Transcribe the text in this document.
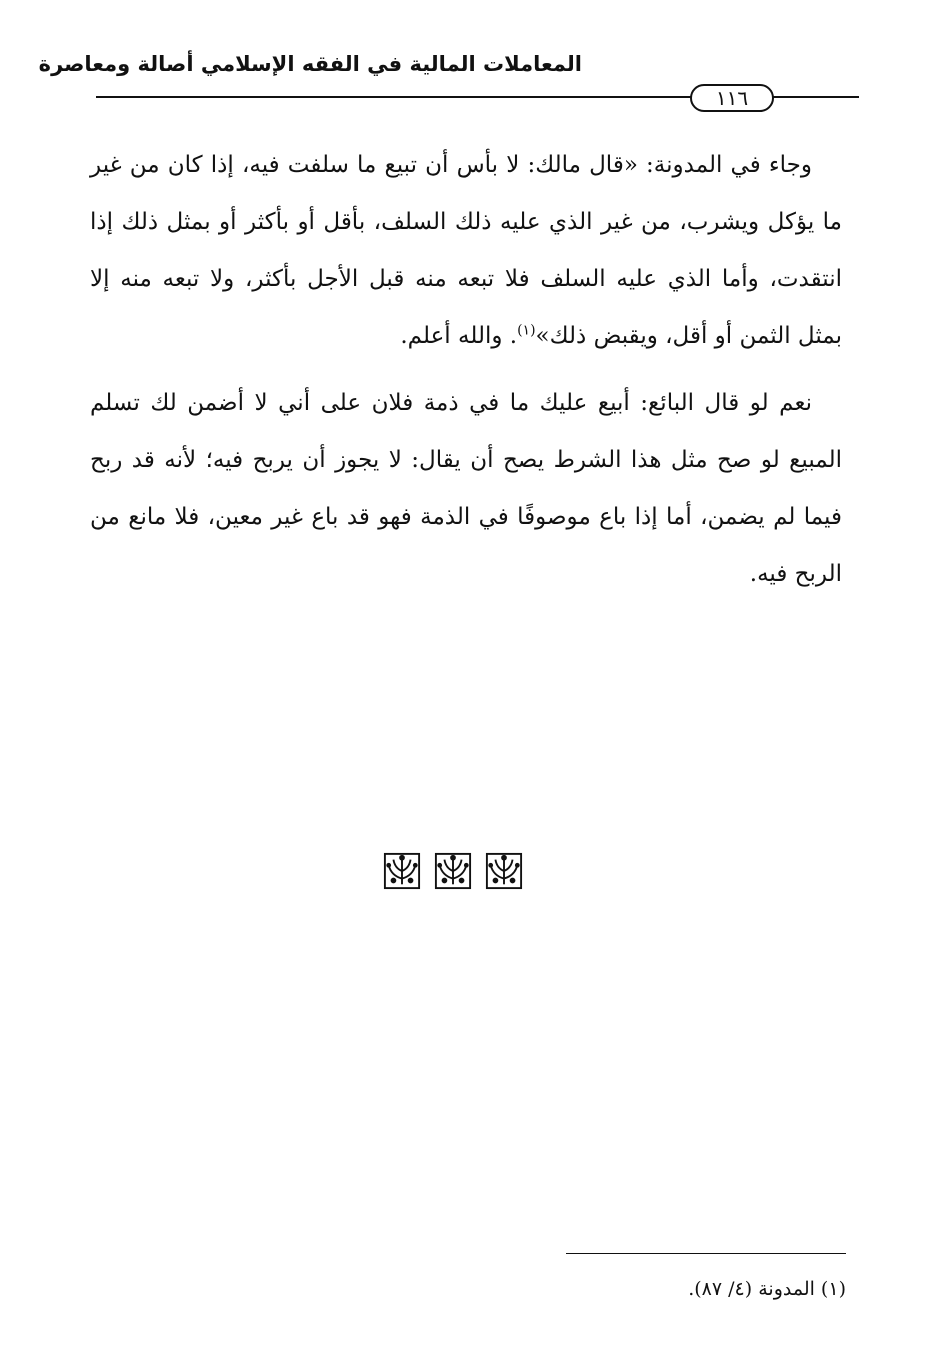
المعاملات المالية في الفقه الإسلامي أصالة ومعاصرة
١١٦

وجاء في المدونة: «قال مالك: لا بأس أن تبيع ما سلفت فيه، إذا كان من غير ما يؤكل ويشرب، من غير الذي عليه ذلك السلف، بأقل أو بأكثر أو بمثل ذلك إذا انتقدت، وأما الذي عليه السلف فلا تبعه منه قبل الأجل بأكثر، ولا تبعه منه إلا بمثل الثمن أو أقل، ويقبض ذلك»$^{(١)}$. والله أعلم.

نعم لو قال البائع: أبيع عليك ما في ذمة فلان على أني لا أضمن لك تسلم المبيع لو صح مثل هذا الشرط يصح أن يقال: لا يجوز أن يربح فيه؛ لأنه قد ربح فيما لم يضمن، أما إذا باع موصوفًا في الذمة فهو قد باع غير معين، فلا مانع من الربح فيه.

(١) المدونة (٤/ ٨٧).
